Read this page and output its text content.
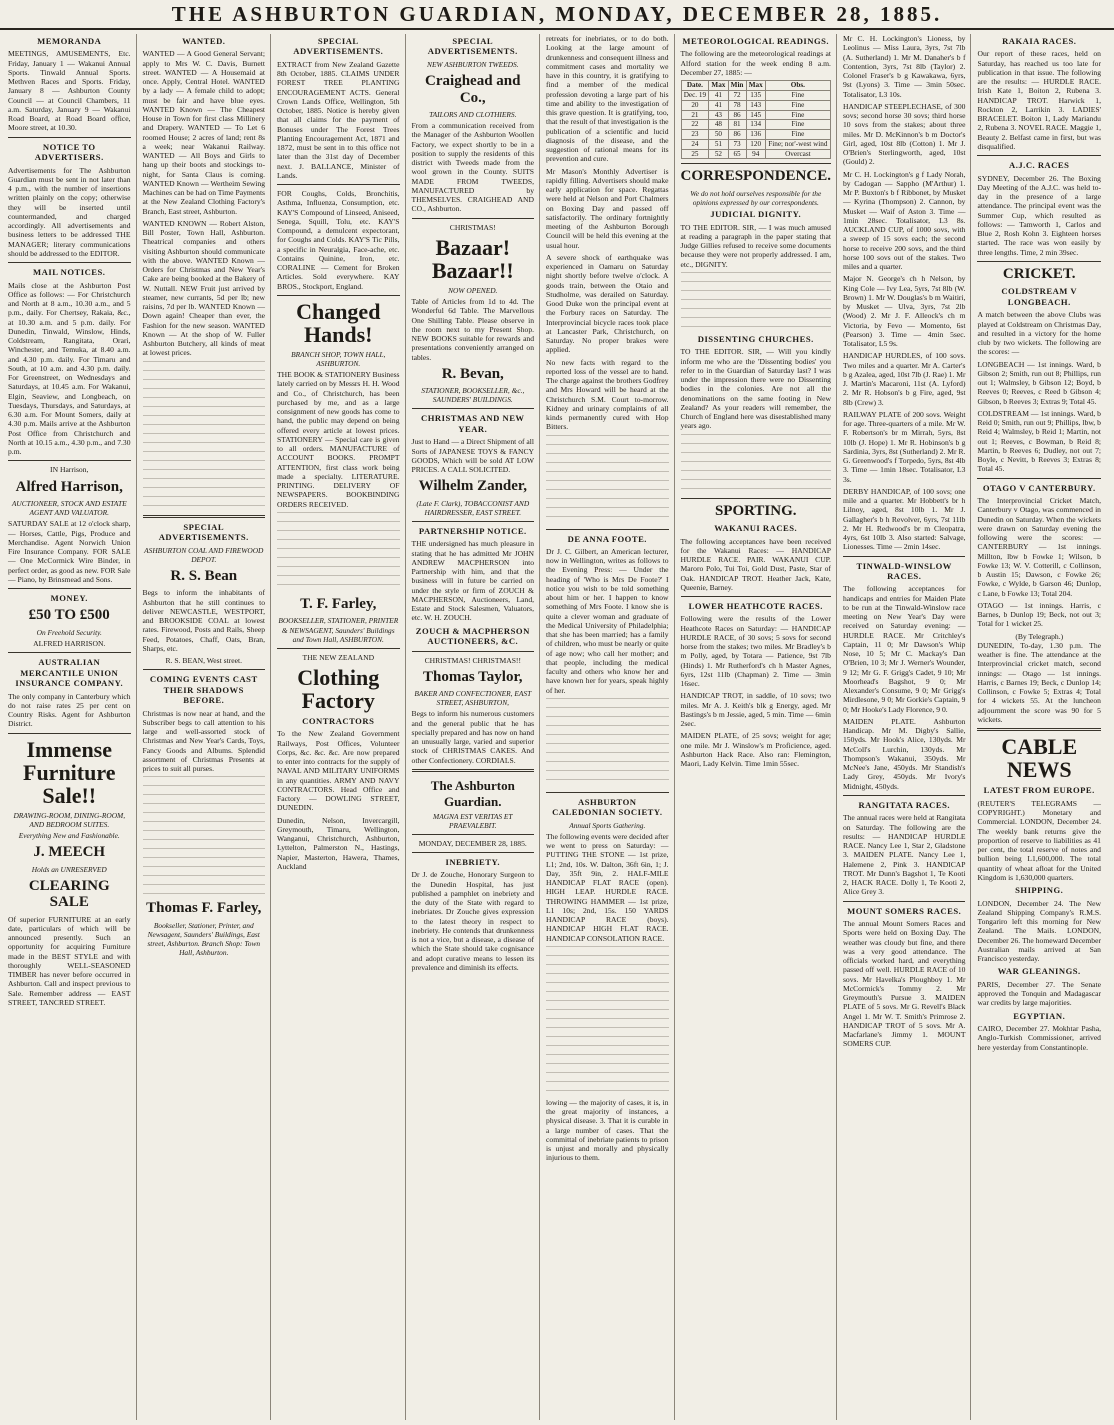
THE ASHBURTON GUARDIAN, MONDAY, DECEMBER 28, 1885.
MEMORANDA
MEETINGS, AMUSEMENTS, Etc. Friday, January 1 — Wakanui Annual Sports. Tinwald Annual Sports. Methven Races and Sports. Friday, January 8 — Ashburton County Council — at Council Chambers, 11 a.m. Saturday, January 9 — Wakanui Road Board, at Road Board office, Moore street, at 10.30.
NOTICE TO ADVERTISERS.
Advertisements for The Ashburton Guardian must be sent in not later than 4 p.m., with the number of insertions written plainly on the copy; otherwise they will be inserted until countermanded, and charged accordingly. All advertisements and business letters to be addressed THE MANAGER; literary communications should be addressed to the EDITOR.
MAIL NOTICES.
Mails close at the Ashburton Post Office as follows: — For Christchurch and North at 8 a.m., 10.30 a.m., and 5 p.m., daily. For Chertsey, Rakaia, &c., at 10.30 a.m. and 5 p.m. daily. For Dunedin, Tinwald, Winslow, Hinds, Coldstream, Rangitata, Orari, Winchester, and Temuka, at 8.40 a.m. and 4.30 p.m. daily. For Timaru and South, at 10 a.m. and 4.30 p.m. daily. For Greenstreet, on Wednesdays and Saturdays, at 10.45 a.m. For Wakanui, Elgin, Seaview, and Longbeach, on Tuesdays, Thursdays, and Saturdays, at 6.30 a.m. For Mount Somers, daily at 4.30 p.m. Mails arrive at the Ashburton Post Office from Christchurch and North at 10.15 a.m., 4.30 p.m., and 7.30 p.m.
IN Harrison,
Alfred Harrison,
AUCTIONEER, STOCK AND ESTATE AGENT AND VALUATOR.
SATURDAY SALE at 12 o'clock sharp, — Horses, Cattle, Pigs, Produce and Merchandise. Agent Norwich Union Fire Insurance Company. FOR SALE — One McCormick Wire Binder, in perfect order, as good as new. FOR Sale — Piano, by Brinsmead and Sons.
MONEY.
£50 TO £500
On Freehold Security.
ALFRED HARRISON.
AUSTRALIAN MERCANTILE UNION INSURANCE COMPANY.
The only company in Canterbury which do not raise rates 25 per cent on Country Risks. Agent for Ashburton District.
Immense Furniture Sale!!
DRAWING-ROOM, DINING-ROOM, AND BEDROOM SUITES.
Everything New and Fashionable.
J. MEECH
Holds an UNRESERVED
CLEARING SALE
Of superior FURNITURE at an early date, particulars of which will be announced presently. Such an opportunity for acquiring Furniture made in the BEST STYLE and with thoroughly WELL-SEASONED TIMBER has never before occurred in Ashburton. Call and inspect previous to Sale. Remember address — EAST STREET, TANCRED STREET.
WANTED.
WANTED — A Good General Servant; apply to Mrs W. C. Davis, Burnett street. WANTED — A Housemaid at once. Apply, Central Hotel. WANTED by a lady — A female child to adopt; must be fair and have blue eyes. WANTED Known — The Cheapest House in Town for first class Millinery and Drapery. WANTED — To Let 6 roomed House; 2 acres of land; rent 8s a week; near Wakanui Railway. WANTED — All Boys and Girls to hang up their boots and stockings to-night, for Santa Claus is coming. WANTED Known — Wertheim Sewing Machines can be had on Time Payments at the New Zealand Clothing Factory's Branch, East street, Ashburton.
WANTED KNOWN — Robert Alston, Bill Poster, Town Hall, Ashburton. Theatrical companies and others visiting Ashburton should communicate with the above. WANTED Known — Orders for Christmas and New Year's Cake are being booked at the Bakery of W. Nuttall. NEW Fruit just arrived by steamer, new currants, 5d per lb; new raisins, 7d per lb. WANTED Known — Down again! Cheaper than ever, the Fashion for the new season. WANTED Known — At the shop of W. Fuller Ashburton Butchery, all kinds of meat at lowest prices.
SPECIAL ADVERTISEMENTS.
ASHBURTON COAL AND FIREWOOD DEPOT.
R. S. Bean
Begs to inform the inhabitants of Ashburton that he still continues to deliver NEWCASTLE, WESTPORT, and BROOKSIDE COAL at lowest rates. Firewood, Posts and Rails, Sheep Feed, Potatoes, Chaff, Oats, Bran, Sharps, etc.
R. S. BEAN, West street.
COMING EVENTS CAST THEIR SHADOWS BEFORE.
Christmas is now near at hand, and the Subscriber begs to call attention to his large and well-assorted stock of Christmas and New Year's Cards, Toys, Fancy Goods and Albums. Splendid assortment of Christmas Presents at prices to suit all purses.
Thomas F. Farley,
Bookseller, Stationer, Printer, and Newsagent, Saunders' Buildings, East street, Ashburton. Branch Shop: Town Hall, Ashburton.
SPECIAL ADVERTISEMENTS.
EXTRACT from New Zealand Gazette 8th October, 1885. CLAIMS UNDER FOREST TREE PLANTING ENCOURAGEMENT ACTS. General Crown Lands Office, Wellington, 5th October, 1885. Notice is hereby given that all claims for the payment of Bonuses under The Forest Trees Planting Encouragement Act, 1871 and 1872, must be sent in to this office not later than the 31st day of December next. J. BALLANCE, Minister of Lands.
FOR Coughs, Colds, Bronchitis, Asthma, Influenza, Consumption, etc. KAY'S Compound of Linseed, Aniseed, Senega, Squill, Tolu, etc. KAY'S Compound, a demulcent expectorant, for Coughs and Colds. KAY'S Tic Pills, a specific in Neuralgia, Face-ache, etc. Contains Quinine, Iron, etc. CORALINE — Cement for Broken Articles. Sold everywhere. KAY BROS., Stockport, England.
Changed Hands!
BRANCH SHOP, TOWN HALL, ASHBURTON.
THE BOOK & STATIONERY Business lately carried on by Messrs H. H. Wood and Co., of Christchurch, has been purchased by me, and as a large consignment of new goods has come to hand, the public may depend on being offered every article at lowest prices. STATIONERY — Special care is given to all orders. MANUFACTURE of ACCOUNT BOOKS. PROMPT ATTENTION, first class work being made a specialty. LITERATURE. PRINTING. DELIVERY OF NEWSPAPERS. BOOKBINDING ORDERS RECEIVED.
T. F. Farley,
BOOKSELLER, STATIONER, PRINTER & NEWSAGENT, Saunders' Buildings and Town Hall, ASHBURTON.
THE NEW ZEALAND
Clothing Factory
CONTRACTORS
To the New Zealand Government Railways, Post Offices, Volunteer Corps, &c. &c. &c. Are now prepared to enter into contracts for the supply of NAVAL AND MILITARY UNIFORMS in any quantities. ARMY AND NAVY CONTRACTORS. Head Office and Factory — DOWLING STREET, DUNEDIN.
Dunedin, Nelson, Invercargill, Greymouth, Timaru, Wellington, Wanganui, Christchurch, Ashburton, Lyttelton, Palmerston N., Hastings, Napier, Masterton, Hawera, Thames, Auckland
SPECIAL ADVERTISEMENTS.
NEW ASHBURTON TWEEDS.
Craighead and Co.,
TAILORS AND CLOTHIERS.
From a communication received from the Manager of the Ashburton Woollen Factory, we expect shortly to be in a position to supply the residents of this district with Tweeds made from the wool grown in the County. SUITS MADE FROM TWEEDS, MANUFACTURED by THEMSELVES. CRAIGHEAD AND CO., Ashburton.
CHRISTMAS!
Bazaar! Bazaar!!
NOW OPENED.
Table of Articles from 1d to 4d. The Wonderful 6d Table. The Marvellous One Shilling Table. Please observe in the room next to my Present Shop. NEW BOOKS suitable for rewards and presentations conveniently arranged on tables.
R. Bevan,
STATIONER, BOOKSELLER, &c., SAUNDERS' BUILDINGS.
CHRISTMAS AND NEW YEAR.
Just to Hand — a Direct Shipment of all Sorts of JAPANESE TOYS & FANCY GOODS, Which will be sold AT LOW PRICES. A CALL SOLICITED.
Wilhelm Zander,
(Late F. Clark), TOBACCONIST AND HAIRDRESSER, EAST STREET.
PARTNERSHIP NOTICE.
THE undersigned has much pleasure in stating that he has admitted Mr JOHN ANDREW MACPHERSON into Partnership with him, and that the business will in future be carried on under the style or firm of ZOUCH & MACPHERSON, Auctioneers, Land, Estate and Stock Salesmen, Valuators, etc. W. H. ZOUCH.
ZOUCH & MACPHERSON AUCTIONEERS, &C.
CHRISTMAS! CHRISTMAS!!
Thomas Taylor,
BAKER AND CONFECTIONER, EAST STREET, ASHBURTON,
Begs to inform his numerous customers and the general public that he has specially prepared and has now on hand an unusually large, varied and superior stock of CHRISTMAS CAKES. And other Confectionery. CORDIALS.
The Ashburton Guardian.
MAGNA EST VERITAS ET PRAEVALEBIT.
MONDAY, DECEMBER 28, 1885.
INEBRIETY.
Dr J. de Zouche, Honorary Surgeon to the Dunedin Hospital, has just published a pamphlet on inebriety and the duty of the State with regard to inebriates. Dr Zouche gives expression to the latest theory in respect to inebriety. He contends that drunkenness is not a vice, but a disease, a disease of which the State should take cognisance and adopt curative means to lessen its prevalence and diminish its effects.
retreats for inebriates, or to do both. Looking at the large amount of drunkenness and consequent illness and commitment cases and mortality we have in this country, it is gratifying to find a member of the medical profession devoting a large part of his time and ability to the investigation of this grave question. It is gratifying, too, that the result of that investigation is the publication of a scientific and lucid diagnosis of the disease, and the suggestion of rational means for its prevention and cure.
Mr Mason's Monthly Advertiser is rapidly filling. Advertisers should make early application for space. Regattas were held at Nelson and Port Chalmers on Boxing Day and passed off satisfactorily. The ordinary fortnightly meeting of the Ashburton Borough Council will be held this evening at the usual hour.
A severe shock of earthquake was experienced in Oamaru on Saturday night shortly before twelve o'clock. A goods train, between the Otaio and Studholme, was derailed on Saturday. Good Duke won the principal event at the Forbury races on Saturday. The Interprovincial bicycle races took place at Lancaster Park, Christchurch, on Saturday. No proper brakes were applied.
No new facts with regard to the reported loss of the vessel are to hand. The charge against the brothers Godfrey and Mrs Howard will be heard at the Christchurch S.M. Court to-morrow. Kidney and urinary complaints of all kinds permanently cured with Hop Bitters.
DE ANNA FOOTE.
Dr J. C. Gilbert, an American lecturer, now in Wellington, writes as follows to the Evening Press: — Under the heading of 'Who is Mrs De Foote?' I notice you wish to be told something about him or her. I happen to know something of Mrs Foote. I know she is quite a clever woman and graduate of the Medical University of Philadelphia; that she has been married; has a family of children, who must be nearly or quite of age now; who call her mother; and that people, including the medical faculty and others who know her and have known her for years, speak highly of her.
ASHBURTON CALEDONIAN SOCIETY.
Annual Sports Gathering.
The following events were decided after we went to press on Saturday: — PUTTING THE STONE — 1st prize, L1; 2nd, 10s. W. Dalton, 36ft 6in, 1; J. Day, 35ft 9in, 2. HALF-MILE HANDICAP FLAT RACE (open). HIGH LEAP. HURDLE RACE. THROWING HAMMER — 1st prize, L1 10s; 2nd, 15s. 150 YARDS HANDICAP RACE (boys). HANDICAP HIGH FLAT RACE. HANDICAP CONSOLATION RACE.
lowing — the majority of cases, it is, in the great majority of instances, a physical disease. 3. That it is curable in a large number of cases. That the committal of inebriate patients to prison is unjust and morally and physically injurious to them.
METEOROLOGICAL READINGS.
The following are the meteorological readings at Alford station for the week ending 8 a.m. December 27, 1885: —
Date.	Max	Min	Max	Obs.
Dec. 19	41	72	135	Fine
20	41	78	143	Fine
21	43	86	145	Fine
22	48	81	134	Fine
23	50	86	136	Fine
24	51	73	120	Fine; nor'-west wind
25	52	65	94	Overcast
CORRESPONDENCE.
We do not hold ourselves responsible for the opinions expressed by our correspondents.
JUDICIAL DIGNITY.
TO THE EDITOR. SIR, — I was much amused at reading a paragraph in the paper stating that Judge Gillies refused to receive some documents because they were not properly addressed. I am, etc., DIGNITY.
DISSENTING CHURCHES.
TO THE EDITOR. SIR, — Will you kindly inform me who are the 'Dissenting bodies' you refer to in the Guardian of Saturday last? I was under the impression there were no Dissenting bodies in the colonies. Are not all the denominations on the same footing in New Zealand? As your readers will remember, the Church of England here was disestablished many years ago.
SPORTING.
WAKANUI RACES.
The following acceptances have been received for the Wakanui Races: — HANDICAP HURDLE RACE. PAIR. WAKANUI CUP. Maroro Polo, Tui Toi, Gold Dust, Paste, Star of Oak. HANDICAP TROT. Heather Jack, Kate, Queenie, Barney.
LOWER HEATHCOTE RACES.
Following were the results of the Lower Heathcote Races on Saturday: — HANDICAP HURDLE RACE, of 30 sovs; 5 sovs for second horse from the stakes; two miles. Mr Bradley's b m Polly, aged, by Totara — Patience, 9st 7lb (Hinds) 1. Mr Rutherford's ch h Master Agnes, 6yrs, 12st 11lb (Chapman) 2. Time — 3min 16sec.
HANDICAP TROT, in saddle, of 10 sovs; two miles. Mr A. J. Keith's blk g Energy, aged. Mr Bastings's b m Jessie, aged, 5 min. Time — 6min 2sec.
MAIDEN PLATE, of 25 sovs; weight for age; one mile. Mr J. Winslow's m Proficience, aged. Ashburton Hack Race. Also ran: Flemington, Maori, Lady Kelvin. Time 1min 55sec.
Mr C. H. Lockington's Lioness, by Leolinus — Miss Laura, 3yrs, 7st 7lb (A. Sutherland) 1. Mr M. Danaher's b f Contention, 3yrs, 7st 8lb (Taylor) 2. Colonel Fraser's b g Kawakawa, 6yrs, 9st (Lyons) 3. Time — 3min 50sec. Totalisator, L3 10s.
HANDICAP STEEPLECHASE, of 300 sovs; second horse 30 sovs; third horse 10 sovs from the stakes; about three miles. Mr D. McKinnon's b m Doctor's Girl, aged, 10st 8lb (Cotton) 1. Mr J. O'Brien's Sterlingworth, aged, 10st (Gould) 2.
Mr C. H. Lockington's g f Lady Norah, by Cadogan — Sappho (M'Arthur) 1. Mr P. Buxton's b f Ribbonet, by Musket — Kyrina (Thompson) 2. Cannon, by Musket — Waif of Aston 3. Time — 1min 28sec. Totalisator, L3 8s. AUCKLAND CUP, of 1000 sovs, with a sweep of 15 sovs each; the second horse to receive 200 sovs, and the third horse 100 sovs out of the stakes. Two miles and a quarter.
Major N. George's ch h Nelson, by King Cole — Ivy Lea, 5yrs, 7st 8lb (W. Brown) 1. Mr W. Douglas's b m Waitiri, by Musket — Ulva, 3yrs, 7st 2lb (Wood) 2. Mr J. F. Alleock's ch m Victoria, by Fevo — Momento, 6st (Pearson) 3. Time — 4min 5sec. Totalisator, L5 9s.
HANDICAP HURDLES, of 100 sovs. Two miles and a quarter. Mr A. Carter's b g Azalea, aged, 10st 7lb (J. Rae) 1. Mr J. Martin's Macaroni, 11st (A. Lyford) 2. Mr R. Hobson's b g Fire, aged, 9st 8lb (Crew) 3.
RAILWAY PLATE of 200 sovs. Weight for age. Three-quarters of a mile. Mr W. F. Robertson's br m Mirrah, 5yrs, 8st 10lb (J. Hope) 1. Mr R. Hobinson's b g Sardinia, 3yrs, 8st (Sutherland) 2. Mr R. G. Greenwood's f Torpedo, 5yrs, 8st 4lb 3. Time — 1min 18sec. Totalisator, L3 3s.
DERBY HANDICAP, of 100 sovs; one mile and a quarter. Mr Hobbett's br h Lilnoy, aged, 8st 10lb 1. Mr J. Gallagher's b h Revolver, 6yrs, 7st 11lb 2. Mr H. Redwood's br m Cleopatra, 4yrs, 6st 10lb 3. Also started: Salvage, Lionesses. Time — 2min 14sec.
TINWALD-WINSLOW RACES.
The following acceptances for handicaps and entries for Maiden Plate to be run at the Tinwald-Winslow race meeting on New Year's Day were received on Saturday evening: — HURDLE RACE. Mr Critchley's Captain, 11 0; Mr Dawson's Whip Nose, 10 5; Mr C. Mackay's Dan O'Brien, 10 3; Mr J. Werner's Wounder, 9 12; Mr G. F. Grigg's Cadet, 9 10; Mr Moorhead's Bagshot, 9 0; Mr Alexander's Consume, 9 0; Mr Grigg's Mirdlesone, 9 0; Mr Gorkie's Captain, 9 0; Mr Hooke's Lady Florence, 9 0.
MAIDEN PLATE. Ashburton Handicap. Mr M. Digby's Sallie, 150yds. Mr Hook's Alice, 130yds. Mr McColl's Lurchin, 130yds. Mr Thompson's Wakanui, 350yds. Mr McNee's Jane, 450yds. Mr Standish's Lady Grey, 450yds. Mr Ivory's Midnight, 450yds.
RANGITATA RACES.
The annual races were held at Rangitata on Saturday. The following are the results: — HANDICAP HURDLE RACE. Nancy Lee 1, Star 2, Gladstone 3. MAIDEN PLATE. Nancy Lee 1, Halemene 2, Pink 3. HANDICAP TROT. Mr Dunn's Bagshot 1, Te Kooti 2, HACK RACE. Dolly 1, Te Kooti 2, Alice Grey 3.
MOUNT SOMERS RACES.
The annual Mount Somers Races and Sports were held on Boxing Day. The weather was cloudy but fine, and there was a very good attendance. The officials worked hard, and everything passed off well. HURDLE RACE of 10 sovs. Mr Havelka's Ploughboy 1. Mr McCormick's Tommy 2. Mr Greymouth's Pursue 3. MAIDEN PLATE of 5 sovs. Mr G. Revell's Black Angel 1. Mr W. T. Smith's Primrose 2. HANDICAP TROT of 5 sovs. Mr A. Macfarlane's Jimmy 1. MOUNT SOMERS CUP.
RAKAIA RACES.
Our report of these races, held on Saturday, has reached us too late for publication in that issue. The following are the results: — HURDLE RACE. Irish Kate 1, Boiton 2, Rubena 3. HANDICAP TROT. Harwick 1, Rockton 2, Larrikin 3. LADIES' BRACELET. Boiton 1, Lady Mariandu 2, Rubena 3. NOVEL RACE. Maggie 1, Beauty 2. Belfast came in first, but was disqualified.
A.J.C. RACES
SYDNEY, December 26. The Boxing Day Meeting of the A.J.C. was held to-day in the presence of a large attendance. The principal event was the Summer Cup, which resulted as follows: — Tamworth 1, Carlos and Blue 2, Rosh Kohn 3. Eighteen horses started. The race was won easily by three lengths. Time, 2 min 39sec.
CRICKET.
COLDSTREAM V LONGBEACH.
A match between the above Clubs was played at Coldstream on Christmas Day, and resulted in a victory for the home club by two wickets. The following are the scores: —
LONGBEACH — 1st innings. Ward, b Gibson 2; Smith, run out 8; Phillips, run out 1; Walmsley, b Gibson 12; Boyd, b Reeves 0; Reeves, c Reed b Gibson 4; Gibson, b Reeves 3; Extras 9; Total 45.
COLDSTREAM — 1st innings. Ward, b Reid 0; Smith, run out 9; Phillips, lbw, b Reid 4; Walmsley, b Reid 1; Martin, not out 1; Reeves, c Bowman, b Reid 8; Martin, b Reeves 6; Dudley, not out 7; Boyle, c Nevitt, b Reeves 3; Extras 8; Total 45.
OTAGO V CANTERBURY.
The Interprovincial Cricket Match, Canterbury v Otago, was commenced in Dunedin on Saturday. When the wickets were drawn on Saturday evening the following were the scores: — CANTERBURY — 1st innings. Millton, lbw b Fowke 1; Wilson, b Fowke 13; W. V. Cotterill, c Collinson, b Austin 15; Dawson, c Fowke 26; Fowke, c Wylde, b Garson 46; Dunlop, c Lane, b Fowke 13; Total 204.
OTAGO — 1st innings. Harris, c Barnes, b Dunlop 19; Beck, not out 3; Total for 1 wicket 25.
(By Telegraph.)
DUNEDIN, To-day, 1.30 p.m. The weather is fine. The attendance at the Interprovincial cricket match, second innings: — Otago — 1st innings. Harris, c Barnes 19; Beck, c Dunlop 14; Collinson, c Fowke 5; Extras 4; Total for 4 wickets 55. At the luncheon adjournment the score was 90 for 5 wickets.
CABLE NEWS
LATEST FROM EUROPE.
(REUTER'S TELEGRAMS — COPYRIGHT.) Monetary and Commercial. LONDON, December 24. The weekly bank returns give the proportion of reserve to liabilities as 41 per cent, the total reserve of notes and bullion being L1,600,000. The total quantity of wheat afloat for the United Kingdom is 1,630,000 quarters.
SHIPPING.
LONDON, December 24. The New Zealand Shipping Company's R.M.S. Tongariro left this morning for New Zealand. The Mails. LONDON, December 26. The homeward December Australian mails arrived at San Francisco yesterday.
WAR GLEANINGS.
PARIS, December 27. The Senate approved the Tonquin and Madagascar war credits by large majorities.
EGYPTIAN.
CAIRO, December 27. Mokhtar Pasha, Anglo-Turkish Commissioner, arrived here yesterday from Constantinople.
